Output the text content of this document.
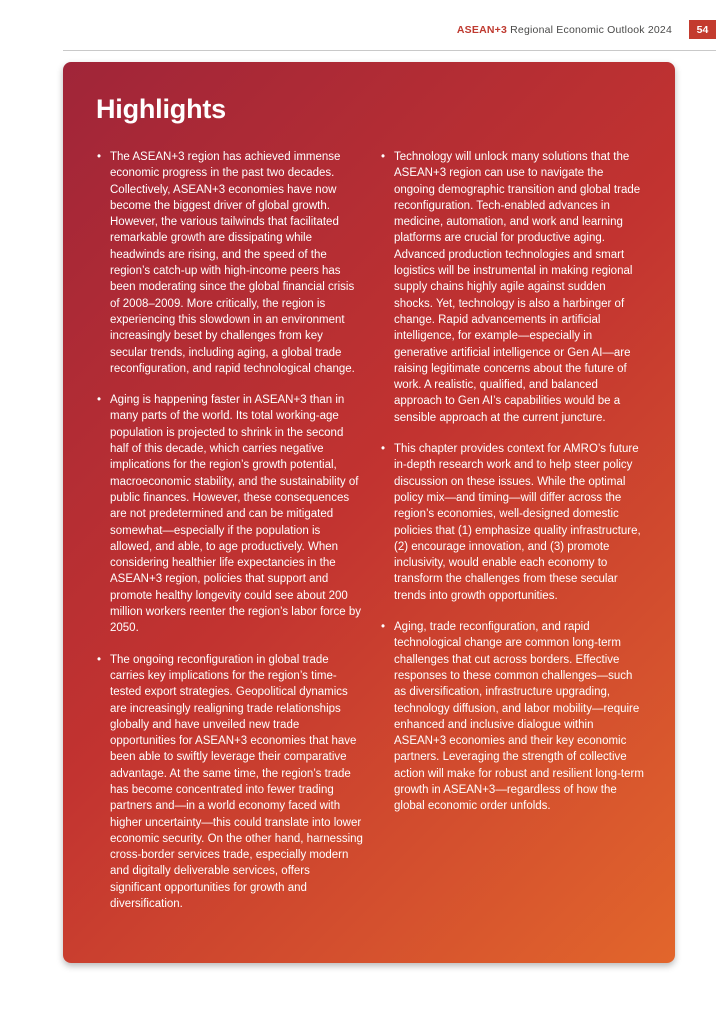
ASEAN+3 Regional Economic Outlook 2024	54
Highlights
• The ASEAN+3 region has achieved immense economic progress in the past two decades. Collectively, ASEAN+3 economies have now become the biggest driver of global growth. However, the various tailwinds that facilitated remarkable growth are dissipating while headwinds are rising, and the speed of the region’s catch-up with high-income peers has been moderating since the global financial crisis of 2008–2009. More critically, the region is experiencing this slowdown in an environment increasingly beset by challenges from key secular trends, including aging, a global trade reconfiguration, and rapid technological change.
• Aging is happening faster in ASEAN+3 than in many parts of the world. Its total working-age population is projected to shrink in the second half of this decade, which carries negative implications for the region’s growth potential, macroeconomic stability, and the sustainability of public finances. However, these consequences are not predetermined and can be mitigated somewhat—especially if the population is allowed, and able, to age productively. When considering healthier life expectancies in the ASEAN+3 region, policies that support and promote healthy longevity could see about 200 million workers reenter the region’s labor force by 2050.
• The ongoing reconfiguration in global trade carries key implications for the region’s time-tested export strategies. Geopolitical dynamics are increasingly realigning trade relationships globally and have unveiled new trade opportunities for ASEAN+3 economies that have been able to swiftly leverage their comparative advantage. At the same time, the region’s trade has become concentrated into fewer trading partners and—in a world economy faced with higher uncertainty—this could translate into lower economic security. On the other hand, harnessing cross-border services trade, especially modern and digitally deliverable services, offers significant opportunities for growth and diversification.
• Technology will unlock many solutions that the ASEAN+3 region can use to navigate the ongoing demographic transition and global trade reconfiguration. Tech-enabled advances in medicine, automation, and work and learning platforms are crucial for productive aging. Advanced production technologies and smart logistics will be instrumental in making regional supply chains highly agile against sudden shocks. Yet, technology is also a harbinger of change. Rapid advancements in artificial intelligence, for example—especially in generative artificial intelligence or Gen AI—are raising legitimate concerns about the future of work. A realistic, qualified, and balanced approach to Gen AI’s capabilities would be a sensible approach at the current juncture.
• This chapter provides context for AMRO’s future in-depth research work and to help steer policy discussion on these issues. While the optimal policy mix—and timing—will differ across the region’s economies, well-designed domestic policies that (1) emphasize quality infrastructure, (2) encourage innovation, and (3) promote inclusivity, would enable each economy to transform the challenges from these secular trends into growth opportunities.
• Aging, trade reconfiguration, and rapid technological change are common long-term challenges that cut across borders. Effective responses to these common challenges—such as diversification, infrastructure upgrading, technology diffusion, and labor mobility—require enhanced and inclusive dialogue within ASEAN+3 economies and their key economic partners. Leveraging the strength of collective action will make for robust and resilient long-term growth in ASEAN+3—regardless of how the global economic order unfolds.
